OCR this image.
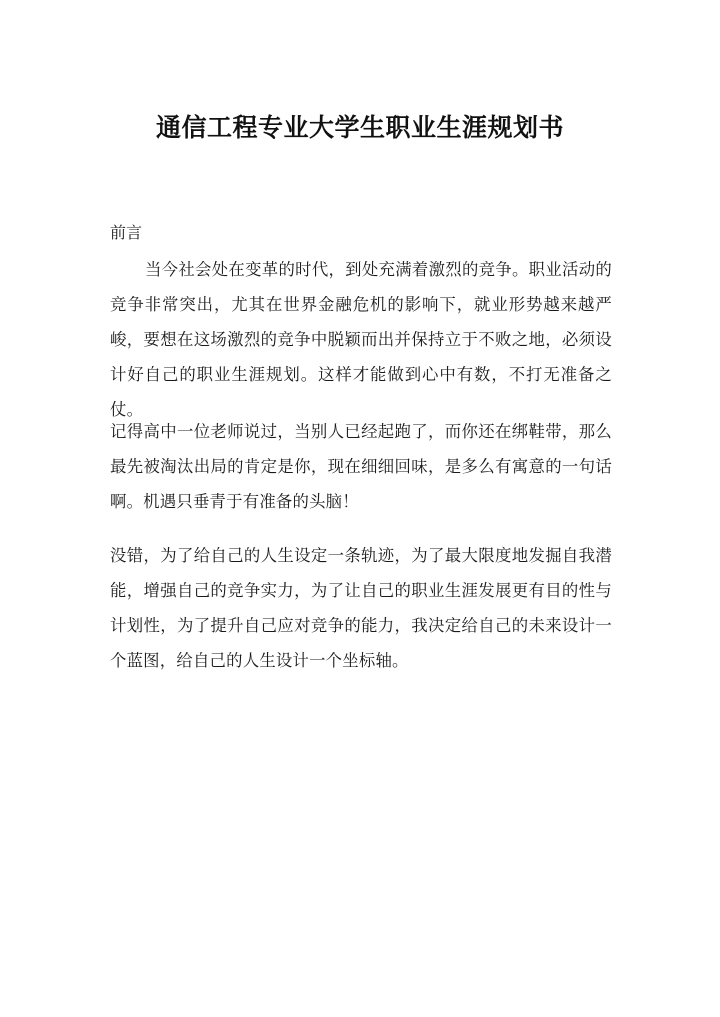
通信工程专业大学生职业生涯规划书

前言

当今社会处在变革的时代，到处充满着激烈的竞争。职业活动的竞争非常突出，尤其在世界金融危机的影响下，就业形势越来越严峻，要想在这场激烈的竞争中脱颖而出并保持立于不败之地，必须设计好自己的职业生涯规划。这样才能做到心中有数，不打无准备之仗。

记得高中一位老师说过，当别人已经起跑了，而你还在绑鞋带，那么最先被淘汰出局的肯定是你，现在细细回味，是多么有寓意的一句话啊。机遇只垂青于有准备的头脑！

没错，为了给自己的人生设定一条轨迹，为了最大限度地发掘自我潜能，增强自己的竞争实力，为了让自己的职业生涯发展更有目的性与计划性，为了提升自己应对竞争的能力，我决定给自己的未来设计一个蓝图，给自己的人生设计一个坐标轴。
